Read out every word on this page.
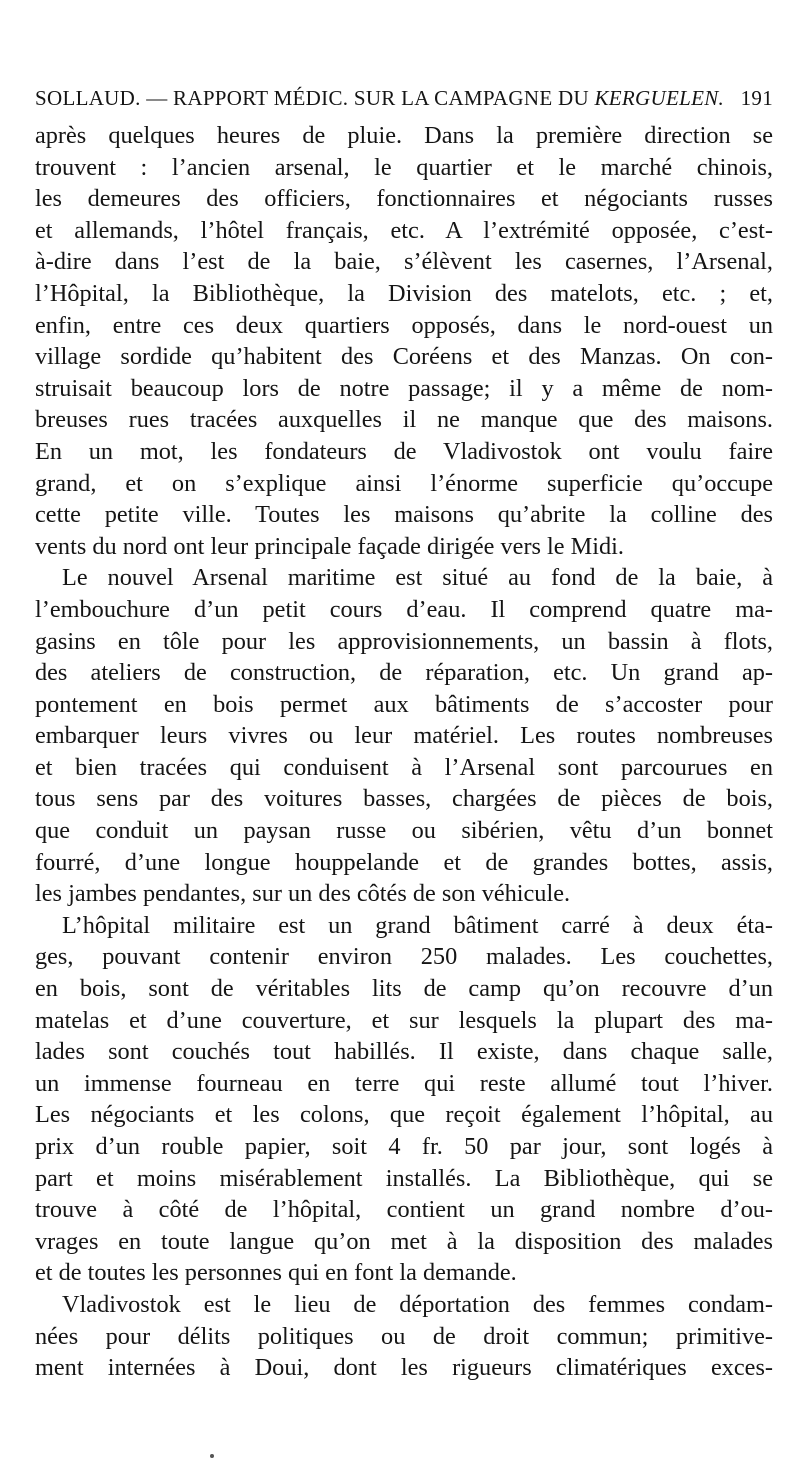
SOLLAUD. — RAPPORT MÉDIC. SUR LA CAMPAGNE DU KERGUELEN. 191
après quelques heures de pluie. Dans la première direction se
trouvent : l’ancien arsenal, le quartier et le marché chinois,
les demeures des officiers, fonctionnaires et négociants russes
et allemands, l’hôtel français, etc. A l’extrémité opposée, c’est-
à-dire dans l’est de la baie, s’élèvent les casernes, l’Arsenal,
l’Hôpital, la Bibliothèque, la Division des matelots, etc. ; et,
enfin, entre ces deux quartiers opposés, dans le nord-ouest un
village sordide qu’habitent des Coréens et des Manzas. On con-
struisait beaucoup lors de notre passage; il y a même de nom-
breuses rues tracées auxquelles il ne manque que des maisons.
En un mot, les fondateurs de Vladivostok ont voulu faire
grand, et on s’explique ainsi l’énorme superficie qu’occupe
cette petite ville. Toutes les maisons qu’abrite la colline des
vents du nord ont leur principale façade dirigée vers le Midi.
Le nouvel Arsenal maritime est situé au fond de la baie, à
l’embouchure d’un petit cours d’eau. Il comprend quatre ma-
gasins en tôle pour les approvisionnements, un bassin à flots,
des ateliers de construction, de réparation, etc. Un grand ap-
pontement en bois permet aux bâtiments de s’accoster pour
embarquer leurs vivres ou leur matériel. Les routes nombreuses
et bien tracées qui conduisent à l’Arsenal sont parcourues en
tous sens par des voitures basses, chargées de pièces de bois,
que conduit un paysan russe ou sibérien, vêtu d’un bonnet
fourré, d’une longue houppelande et de grandes bottes, assis,
les jambes pendantes, sur un des côtés de son véhicule.
L’hôpital militaire est un grand bâtiment carré à deux éta-
ges, pouvant contenir environ 250 malades. Les couchettes,
en bois, sont de véritables lits de camp qu’on recouvre d’un
matelas et d’une couverture, et sur lesquels la plupart des ma-
lades sont couchés tout habillés. Il existe, dans chaque salle,
un immense fourneau en terre qui reste allumé tout l’hiver.
Les négociants et les colons, que reçoit également l’hôpital, au
prix d’un rouble papier, soit 4 fr. 50 par jour, sont logés à
part et moins misérablement installés. La Bibliothèque, qui se
trouve à côté de l’hôpital, contient un grand nombre d’ou-
vrages en toute langue qu’on met à la disposition des malades
et de toutes les personnes qui en font la demande.
Vladivostok est le lieu de déportation des femmes condam-
nées pour délits politiques ou de droit commun; primitive-
ment internées à Doui, dont les rigueurs climatériques exces-
